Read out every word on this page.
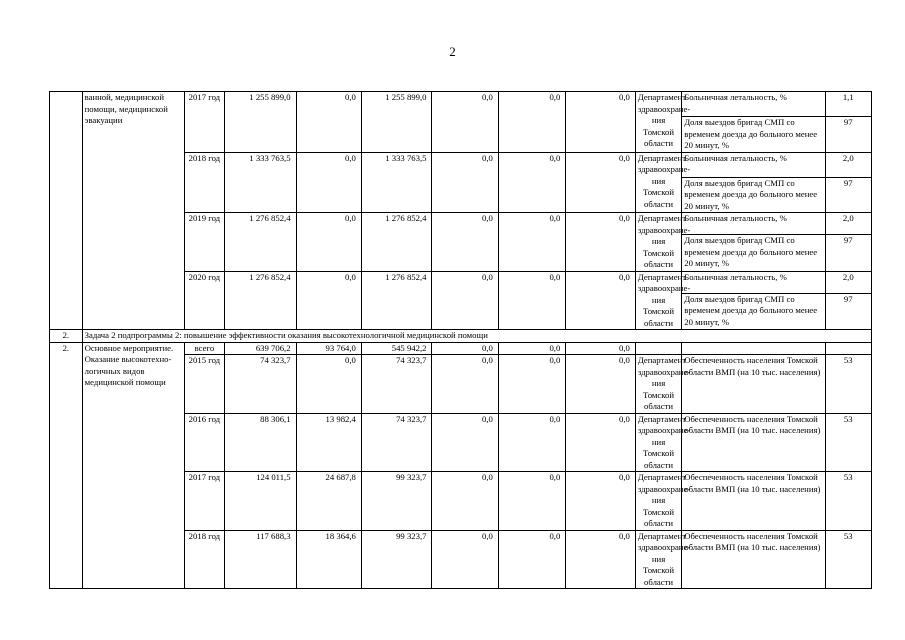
2
	ванной, медицинской помощи, медицинской эвакуации	2017 год	1 255 899,0	0,0	1 255 899,0	0,0	0,0	0,0	Департамент здравоохране-ния Томской области	Больничная летальность, %	1,1
										Доля выездов бригад СМП со временем доезда до больного менее 20 минут, %	97
		2018 год	1 333 763,5	0,0	1 333 763,5	0,0	0,0	0,0	Департамент здравоохране-ния Томской области	Больничная летальность, %	2,0
										Доля выездов бригад СМП со временем доезда до больного менее 20 минут, %	97
		2019 год	1 276 852,4	0,0	1 276 852,4	0,0	0,0	0,0	Департамент здравоохране-ния Томской области	Больничная летальность, %	2,0
										Доля выездов бригад СМП со временем доезда до больного менее 20 минут, %	97
		2020 год	1 276 852,4	0,0	1 276 852,4	0,0	0,0	0,0	Департамент здравоохране-ния Томской области	Больничная летальность, %	2,0
										Доля выездов бригад СМП со временем доезда до больного менее 20 минут, %	97
2.	Задача 2 подпрограммы 2: повышение эффективности оказания высокотехнологичной медицинской помощи										
2.	Основное мероприятие. Оказание высокотехно-логичных видов медицинской помощи	всего	639 706,2	93 764,0	545 942,2	0,0	0,0	0,0			
		2015 год	74 323,7	0,0	74 323,7	0,0	0,0	0,0	Департамент здравоохране-ния Томской области	Обеспеченность населения Томской области ВМП (на 10 тыс. населения)	53
		2016 год	88 306,1	13 982,4	74 323,7	0,0	0,0	0,0	Департамент здравоохране-ния Томской области	Обеспеченность населения Томской области ВМП (на 10 тыс. населения)	53
		2017 год	124 011,5	24 687,8	99 323,7	0,0	0,0	0,0	Департамент здравоохране-ния Томской области	Обеспеченность населения Томской области ВМП (на 10 тыс. населения)	53
		2018 год	117 688,3	18 364,6	99 323,7	0,0	0,0	0,0	Департамент здравоохране-ния Томской области	Обеспеченность населения Томской области ВМП (на 10 тыс. населения)	53
